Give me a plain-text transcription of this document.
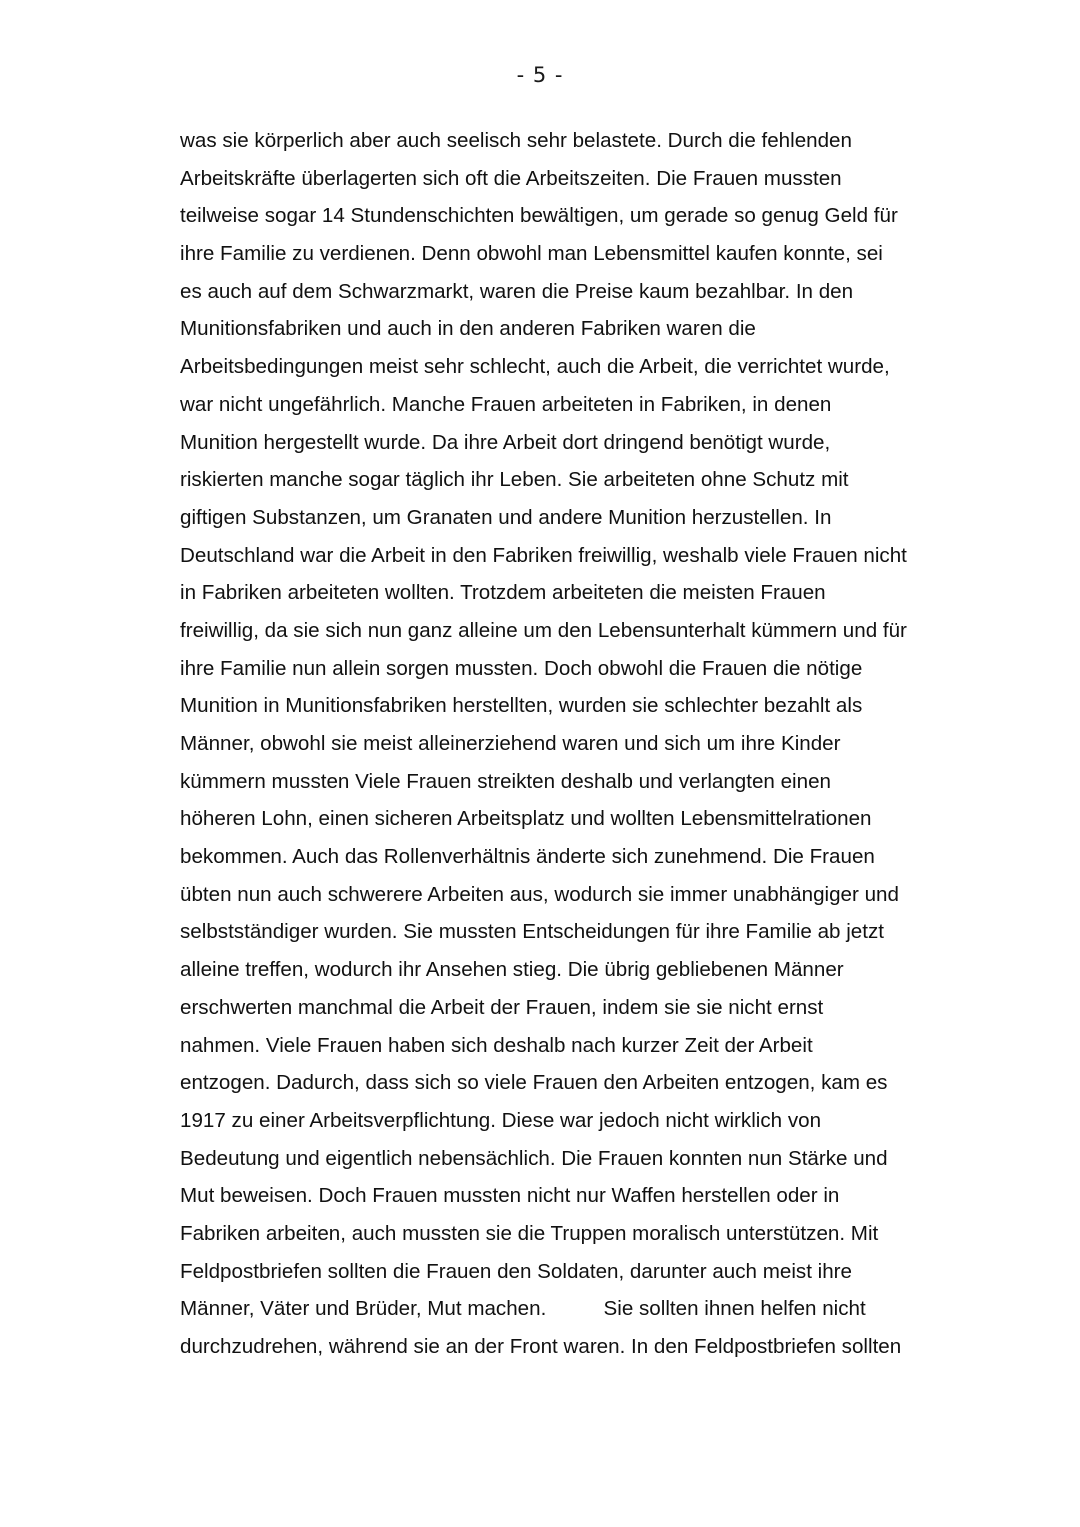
- 5 -
was sie körperlich aber auch seelisch sehr belastete. Durch die fehlenden
Arbeitskräfte überlagerten sich oft die Arbeitszeiten. Die Frauen mussten
teilweise sogar 14 Stundenschichten bewältigen, um gerade so genug Geld für
ihre Familie zu verdienen. Denn obwohl man Lebensmittel kaufen konnte, sei
es auch auf dem Schwarzmarkt, waren die Preise kaum bezahlbar. In den
Munitionsfabriken und auch in den anderen Fabriken waren die
Arbeitsbedingungen meist sehr schlecht, auch die Arbeit, die verrichtet wurde,
war nicht ungefährlich. Manche Frauen arbeiteten in Fabriken, in denen
Munition hergestellt wurde. Da ihre Arbeit dort dringend benötigt wurde,
riskierten manche sogar täglich ihr Leben. Sie arbeiteten ohne Schutz mit
giftigen Substanzen, um Granaten und andere Munition herzustellen. In
Deutschland war die Arbeit in den Fabriken freiwillig, weshalb viele Frauen nicht
in Fabriken arbeiteten wollten. Trotzdem arbeiteten die meisten Frauen
freiwillig, da sie sich nun ganz alleine um den Lebensunterhalt kümmern und für
ihre Familie nun allein sorgen mussten. Doch obwohl die Frauen die nötige
Munition in Munitionsfabriken herstellten, wurden sie schlechter bezahlt als
Männer, obwohl sie meist alleinerziehend waren und sich um ihre Kinder
kümmern mussten Viele Frauen streikten deshalb und verlangten einen
höheren Lohn, einen sicheren Arbeitsplatz und wollten Lebensmittelrationen
bekommen. Auch das Rollenverhältnis änderte sich zunehmend. Die Frauen
übten nun auch schwerere Arbeiten aus, wodurch sie immer unabhängiger und
selbstständiger wurden. Sie mussten Entscheidungen für ihre Familie ab jetzt
alleine treffen, wodurch ihr Ansehen stieg. Die übrig gebliebenen Männer
erschwerten manchmal die Arbeit der Frauen, indem sie sie nicht ernst
nahmen. Viele Frauen haben sich deshalb nach kurzer Zeit der Arbeit
entzogen. Dadurch, dass sich so viele Frauen den Arbeiten entzogen, kam es
1917 zu einer Arbeitsverpflichtung. Diese war jedoch nicht wirklich von
Bedeutung und eigentlich nebensächlich. Die Frauen konnten nun Stärke und
Mut beweisen. Doch Frauen mussten nicht nur Waffen herstellen oder in
Fabriken arbeiten, auch mussten sie die Truppen moralisch unterstützen. Mit
Feldpostbriefen sollten die Frauen den Soldaten, darunter auch meist ihre
Männer, Väter und Brüder, Mut machen.          Sie sollten ihnen helfen nicht
durchzudrehen, während sie an der Front waren. In den Feldpostbriefen sollten
